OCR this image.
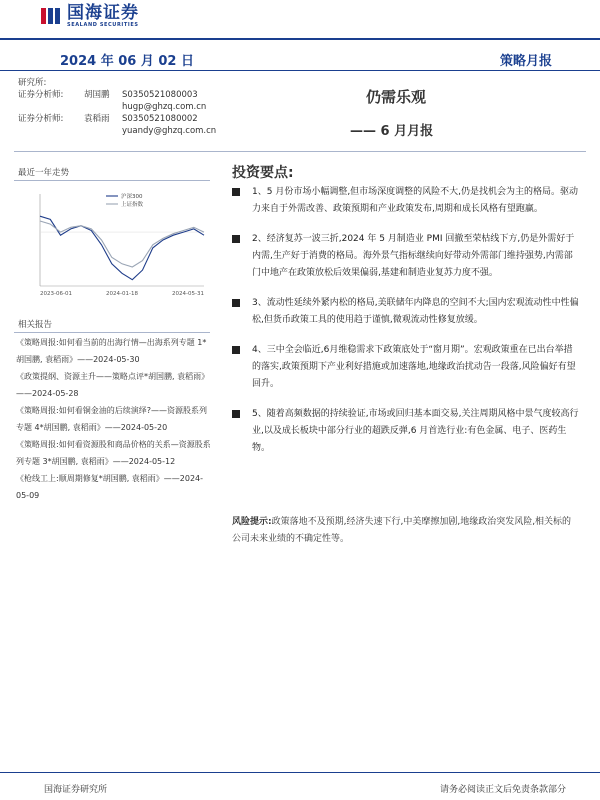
国海证券
SEALAND SECURITIES
2024 年 06 月 02 日	策略月报
研究所:
证券分析师:	胡国鹏	S0350521080003
hugp@ghzq.com.cn
证券分析师:	袁稻雨	S0350521080002
yuandy@ghzq.com.cn
仍需乐观
—— 6 月月报
最近一年走势
2023-06-01	2024-01-18	2024-05-31
沪深300
上证指数
相关报告
《策略周报:如何看当前的出海行情—出海系列专题 1*胡国鹏, 袁稻雨》——2024-05-30
《政策提纲、资源主升——策略点评*胡国鹏, 袁稻雨》——2024-05-28
《策略周报:如何看铜金油的后续演绎?——资源股系列专题 4*胡国鹏, 袁稻雨》——2024-05-20
《策略周报:如何看资源股和商品价格的关系—资源股系列专题 3*胡国鹏, 袁稻雨》——2024-05-12
《枪线工上:顺周期修复*胡国鹏, 袁稻雨》——2024-05-09
投资要点:
1、5 月份市场小幅调整,但市场深度调整的风险不大,仍是找机会为主的格局。驱动力来自于外需改善、政策预期和产业政策发布,周期和成长风格有望跑赢。
2、经济复苏一波三折,2024 年 5 月制造业 PMI 回撤至荣枯线下方,仍是外需好于内需,生产好于消费的格局。海外景气指标继续向好带动外需部门维持强势,内需部门中地产在政策放松后效果偏弱,基建和制造业复苏力度不强。
3、流动性延续外紧内松的格局,美联储年内降息的空间不大;国内宏观流动性中性偏松,但货币政策工具的使用趋于谨慎,微观流动性修复放缓。
4、三中全会临近,6月维稳需求下政策底处于“窗月期”。宏观政策重在已出台举措的落实,政策预期下产业利好措施或加速落地,地缘政治扰动告一段落,风险偏好有望回升。
5、随着高频数据的持续验证,市场或回归基本面交易,关注周期风格中景气度较高行业,以及成长板块中部分行业的超跌反弹,6 月首选行业:有色金属、电子、医药生物。
风险提示:政策落地不及预期,经济失速下行,中美摩擦加剧,地缘政治突发风险,相关标的公司未来业绩的不确定性等。
国海证券研究所	请务必阅读正文后免责条款部分
